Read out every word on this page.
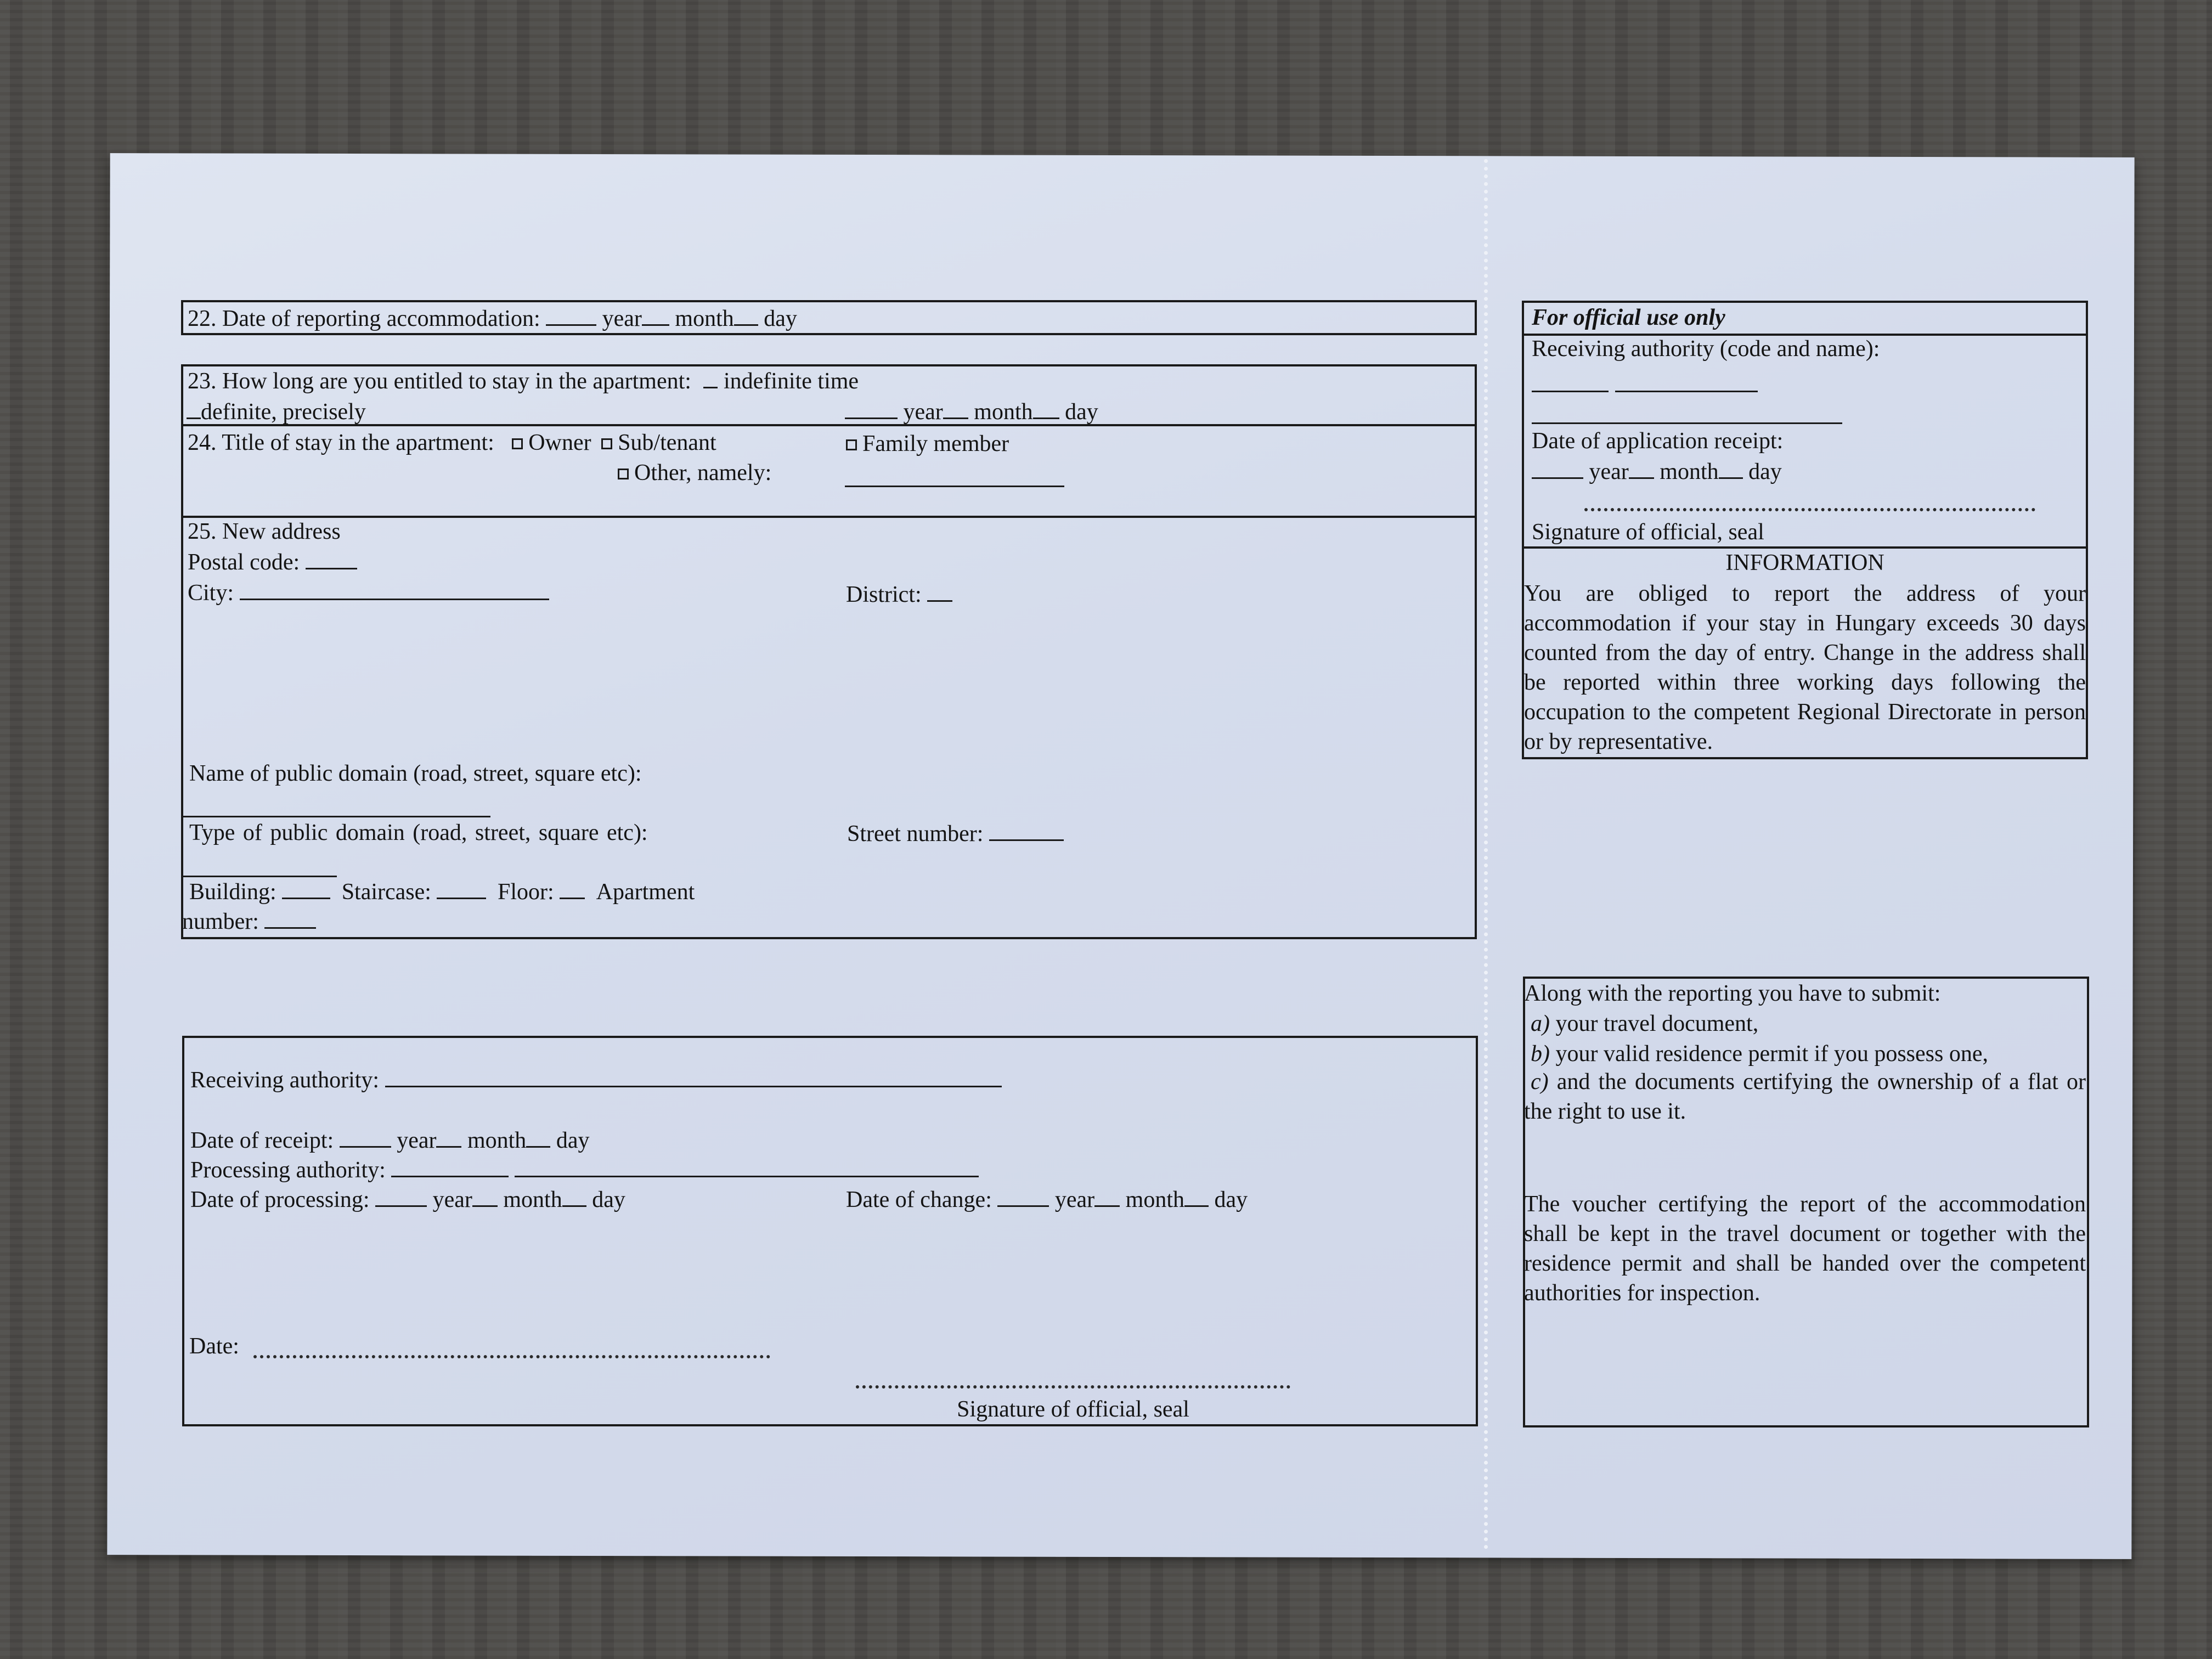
22. Date of reporting accommodation:	year month day
23. How long are you entitled to stay in the apartment: indefinite time
definite, precisely	year month day
24. Title of stay in the apartment: Owner Sub/tenant	Family member
Other, namely:
25. New address
Postal code:
City:	District:
Name of public domain (road, street, square etc):
Type of public domain (road, street, square etc):	Street number:
Building:	Staircase:	Floor: Apartment
number:
Receiving authority:
Date of receipt:	year month day
Processing authority:
Date of processing:	year month day	Date of change:	year month day
Date:
Signature of official, seal
For official use only
Receiving authority (code and name):
Date of application receipt:
year month day
Signature of official, seal
INFORMATION
You are obliged to report the address of your accommodation if your stay in Hungary exceeds 30 days counted from the day of entry. Change in the address shall be reported within three working days following the occupation to the competent Regional Directorate in person or by representative.
Along with the reporting you have to submit:
a) your travel document,
b) your valid residence permit if you possess one,
c) and the documents certifying the ownership of a flat or the right to use it.
The voucher certifying the report of the accommodation shall be kept in the travel document or together with the residence permit and shall be handed over the competent authorities for inspection.
